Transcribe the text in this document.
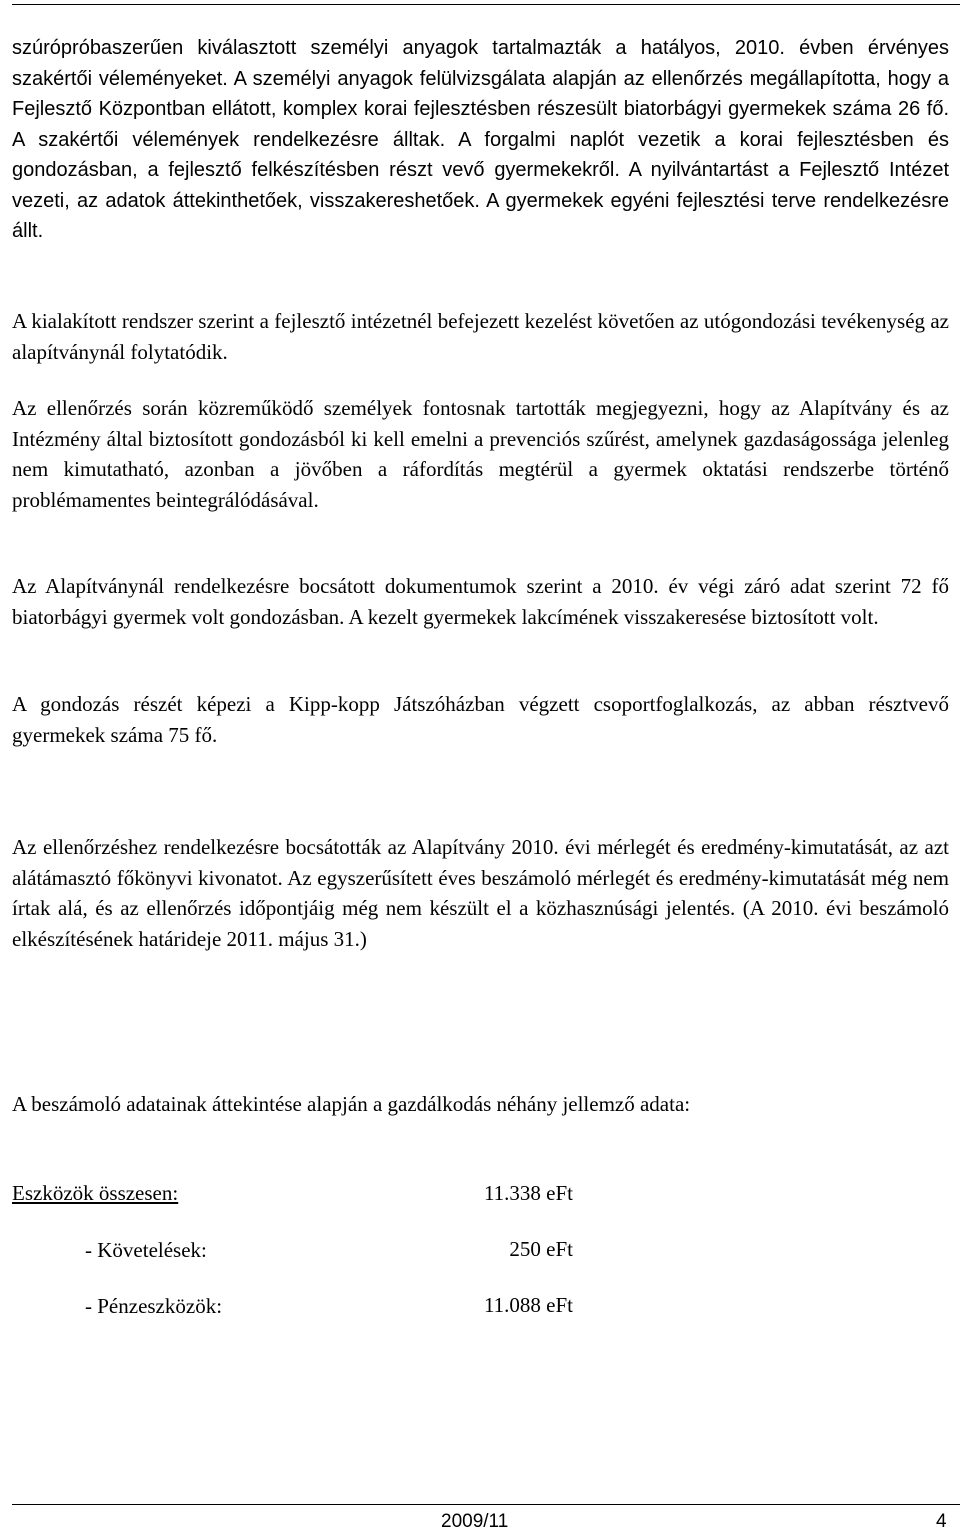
szúrópróbaszerűen kiválasztott személyi anyagok tartalmazták a hatályos, 2010. évben érvényes szakértői véleményeket. A személyi anyagok felülvizsgálata alapján az ellenőrzés megállapította, hogy a Fejlesztő Központban ellátott, komplex korai fejlesztésben részesült biatorbágyi gyermekek száma 26 fő. A szakértői vélemények rendelkezésre álltak. A forgalmi naplót vezetik a korai fejlesztésben és gondozásban, a fejlesztő felkészítésben részt vevő gyermekekről. A nyilvántartást a Fejlesztő Intézet vezeti, az adatok áttekinthetőek, visszakereshetőek. A gyermekek egyéni fejlesztési terve rendelkezésre állt.

A kialakított rendszer szerint a fejlesztő intézetnél befejezett kezelést követően az utógondozási tevékenység az alapítványnál folytatódik.

Az ellenőrzés során közreműködő személyek fontosnak tartották megjegyezni, hogy az Alapítvány és az Intézmény által biztosított gondozásból ki kell emelni a prevenciós szűrést, amelynek gazdaságossága jelenleg nem kimutatható, azonban a jövőben a ráfordítás megtérül a gyermek oktatási rendszerbe történő problémamentes beintegrálódásával.

Az Alapítványnál rendelkezésre bocsátott dokumentumok szerint a 2010. év végi záró adat szerint 72 fő biatorbágyi gyermek volt gondozásban. A kezelt gyermekek lakcímének visszakeresése biztosított volt.

A gondozás részét képezi a Kipp-kopp Játszóházban végzett csoportfoglalkozás, az abban résztvevő gyermekek száma 75 fő.

Az ellenőrzéshez rendelkezésre bocsátották az Alapítvány 2010. évi mérlegét és eredmény-kimutatását, az azt alátámasztó főkönyvi kivonatot. Az egyszerűsített éves beszámoló mérlegét és eredmény-kimutatását még nem írtak alá, és az ellenőrzés időpontjáig még nem készült el a közhasznúsági jelentés. (A 2010. évi beszámoló elkészítésének határideje 2011. május 31.)

A beszámoló adatainak áttekintése alapján a gazdálkodás néhány jellemző adata:

Eszközök összesen:	11.338 eFt
- Követelések:	250 eFt
- Pénzeszközök:	11.088 eFt
2009/11	4
